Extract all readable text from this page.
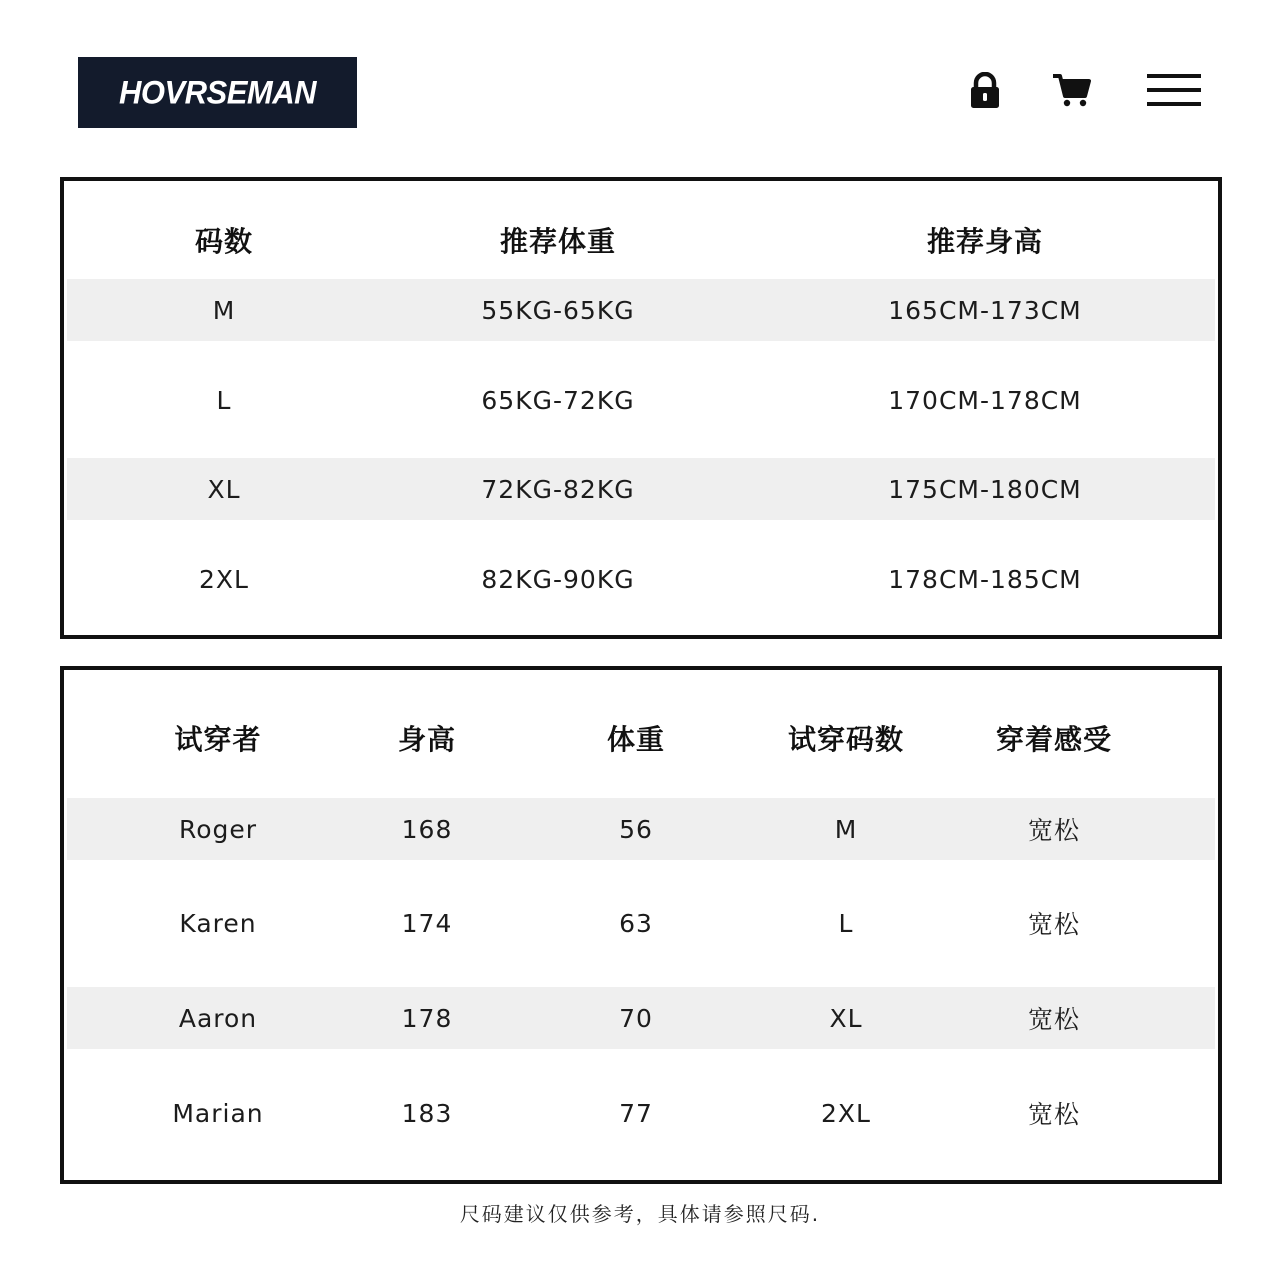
HOVRSEMAN
码数	推荐体重	推荐身高
M	55KG-65KG	165CM-173CM
L	65KG-72KG	170CM-178CM
XL	72KG-82KG	175CM-180CM
2XL	82KG-90KG	178CM-185CM
试穿者	身高	体重	试穿码数	穿着感受
Roger	168	56	M	宽松
Karen	174	63	L	宽松
Aaron	178	70	XL	宽松
Marian	183	77	2XL	宽松
尺码建议仅供参考，具体请参照尺码.
